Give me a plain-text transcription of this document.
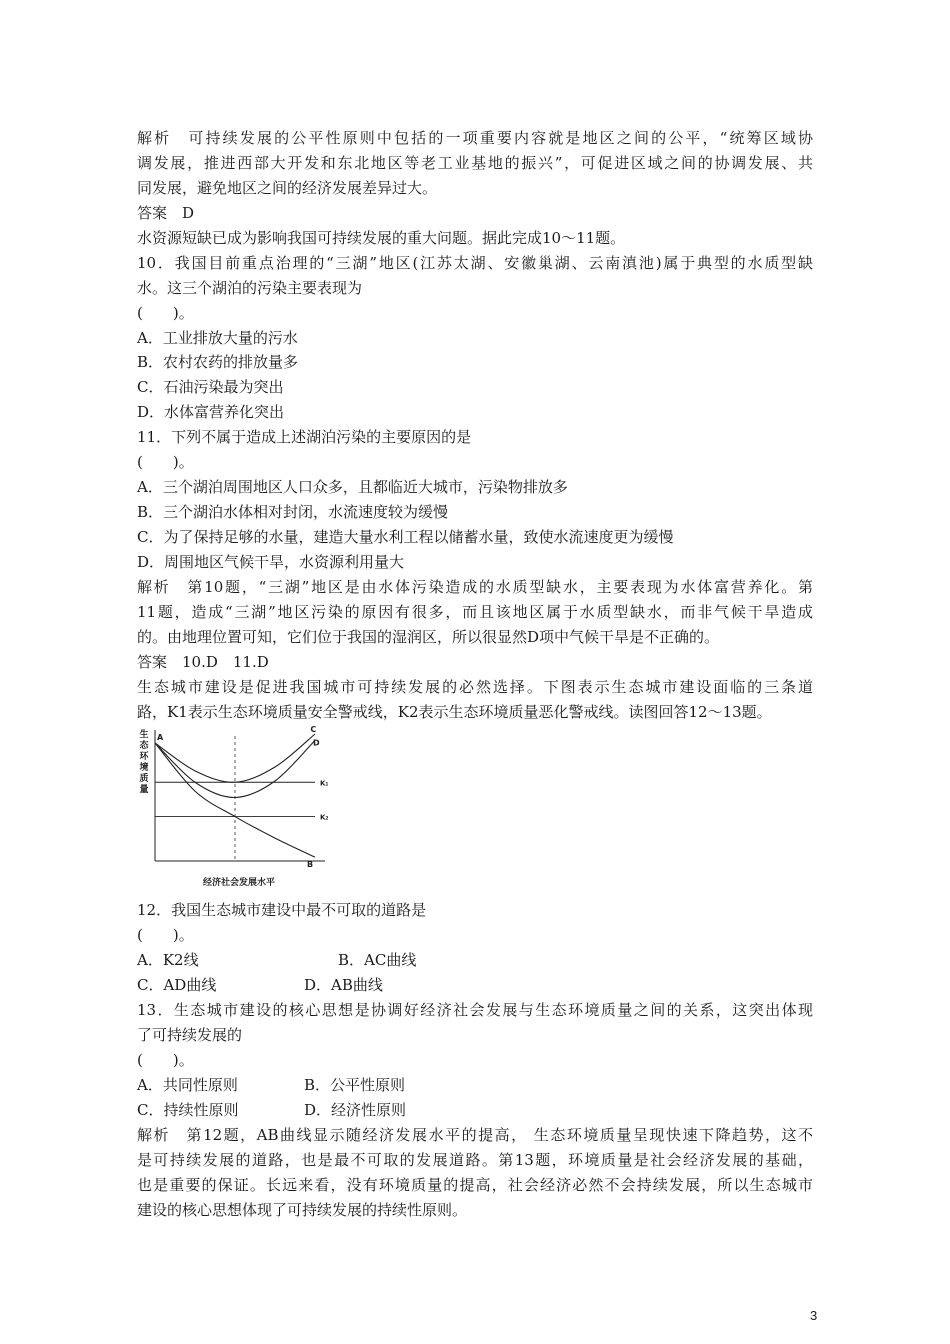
解析　可持续发展的公平性原则中包括的一项重要内容就是地区之间的公平，“统筹区域协
调发展，推进西部大开发和东北地区等老工业基地的振兴”，可促进区域之间的协调发展、共
同发展，避免地区之间的经济发展差异过大。
答案　D
水资源短缺已成为影响我国可持续发展的重大问题。据此完成10～11题。
10．我国目前重点治理的“三湖”地区(江苏太湖、安徽巢湖、云南滇池)属于典型的水质型缺
水。这三个湖泊的污染主要表现为
(　　)。
A．工业排放大量的污水
B．农村农药的排放量多
C．石油污染最为突出
D．水体富营养化突出
11．下列不属于造成上述湖泊污染的主要原因的是
(　　)。
A．三个湖泊周围地区人口众多，且都临近大城市，污染物排放多
B．三个湖泊水体相对封闭，水流速度较为缓慢
C．为了保持足够的水量，建造大量水利工程以储蓄水量，致使水流速度更为缓慢
D．周围地区气候干旱，水资源利用量大
解析　第10题，“三湖”地区是由水体污染造成的水质型缺水，主要表现为水体富营养化。第
11题，造成“三湖”地区污染的原因有很多，而且该地区属于水质型缺水，而非气候干旱造成
的。由地理位置可知，它们位于我国的湿润区，所以很显然D项中气候干旱是不正确的。
答案　10.D　11.D
生态城市建设是促进我国城市可持续发展的必然选择。下图表示生态城市建设面临的三条道
路，K1表示生态环境质量安全警戒线，K2表示生态环境质量恶化警戒线。读图回答12～13题。
生
态
环
境
质
量
经济社会发展水平
A
B
C
D
K₁
K₂
12．我国生态城市建设中最不可取的道路是
(　　)。
A．K2线	B．AC曲线
C．AD曲线	D．AB曲线
13．生态城市建设的核心思想是协调好经济社会发展与生态环境质量之间的关系，这突出体现
了可持续发展的
(　　)。
A．共同性原则	B．公平性原则
C．持续性原则	D．经济性原则
解析　第12题，AB曲线显示随经济发展水平的提高， 生态环境质量呈现快速下降趋势，这不
是可持续发展的道路，也是最不可取的发展道路。第13题，环境质量是社会经济发展的基础，
也是重要的保证。长远来看，没有环境质量的提高，社会经济必然不会持续发展，所以生态城市
建设的核心思想体现了可持续发展的持续性原则。
3
